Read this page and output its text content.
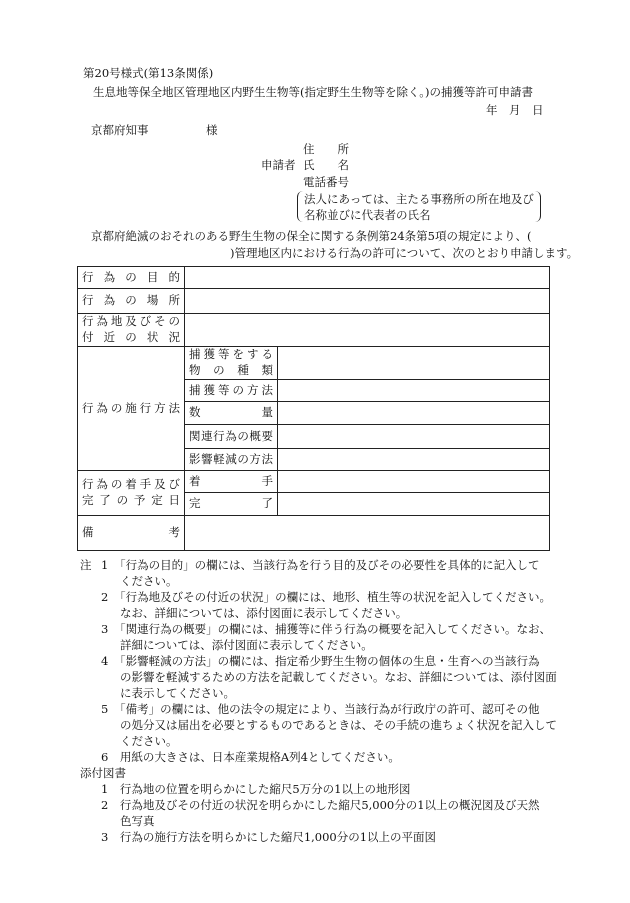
第20号様式(第13条関係)
生息地等保全地区管理地区内野生生物等(指定野生生物等を除く。)の捕獲等許可申請書
年　月　日
京都府知事　　　　　様
住　　所
申請者 氏　　名
電話番号
法人にあっては、主たる事務所の所在地及び
名称並びに代表者の氏名
京都府絶滅のおそれのある野生生物の保全に関する条例第24条第5項の規定により、(
)管理地区内における行為の許可について、次のとおり申請します。
行為の目的		
行為の場所		

行為地及びその
付近の状況		

行為の施行方法	捕獲等をする
物の種類	

	捕獲等の方法	
	数　　量	
	関連行為の概要	
	影響軽減の方法	

行為の着手及び
完了の予定日	着　　手	
	完　　了	
備　　考		
注 1　「行為の目的」の欄には、当該行為を行う目的及びその必要性を具体的に記入して
ください。
2　「行為地及びその付近の状況」の欄には、地形、植生等の状況を記入してください。
なお、詳細については、添付図面に表示してください。
3　「関連行為の概要」の欄には、捕獲等に伴う行為の概要を記入してください。なお、
詳細については、添付図面に表示してください。
4　「影響軽減の方法」の欄には、指定希少野生生物の個体の生息・生育への当該行為
の影響を軽減するための方法を記載してください。なお、詳細については、添付図面
に表示してください。
5　「備考」の欄には、他の法令の規定により、当該行為が行政庁の許可、認可その他
の処分又は届出を必要とするものであるときは、その手続の進ちょく状況を記入して
ください。
6　用紙の大きさは、日本産業規格A列4としてください。
添付図書
1　行為地の位置を明らかにした縮尺5万分の1以上の地形図
2　行為地及びその付近の状況を明らかにした縮尺5,000分の1以上の概況図及び天然
色写真
3　行為の施行方法を明らかにした縮尺1,000分の1以上の平面図
